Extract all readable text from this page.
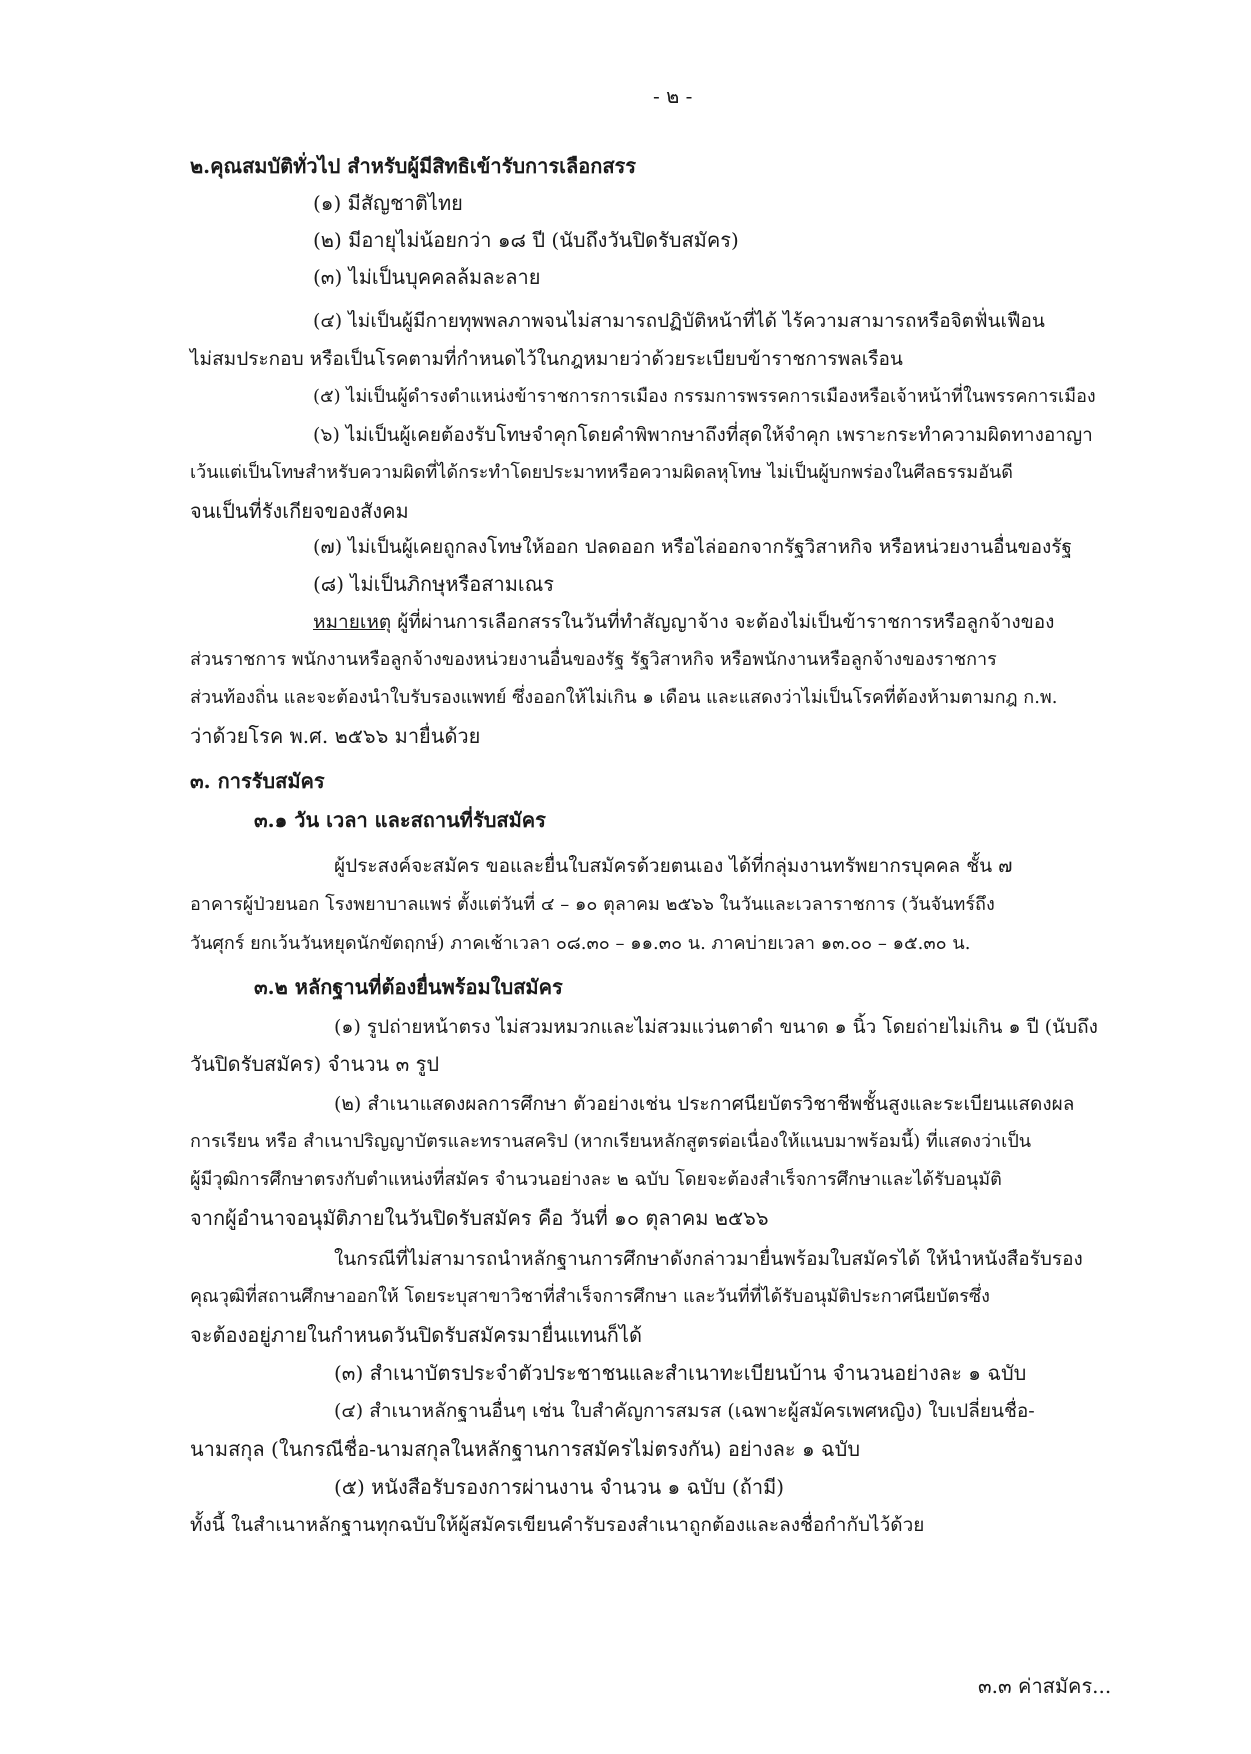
- ๒ -
๒.คุณสมบัติทั่วไป สำหรับผู้มีสิทธิเข้ารับการเลือกสรร
(๑) มีสัญชาติไทย
(๒) มีอายุไม่น้อยกว่า ๑๘ ปี (นับถึงวันปิดรับสมัคร)
(๓) ไม่เป็นบุคคลล้มละลาย
(๔) ไม่เป็นผู้มีกายทุพพลภาพจนไม่สามารถปฏิบัติหน้าที่ได้ ไร้ความสามารถหรือจิตฟั่นเฟือน
ไม่สมประกอบ หรือเป็นโรคตามที่กำหนดไว้ในกฎหมายว่าด้วยระเบียบข้าราชการพลเรือน
(๕) ไม่เป็นผู้ดำรงตำแหน่งข้าราชการการเมือง กรรมการพรรคการเมืองหรือเจ้าหน้าที่ในพรรคการเมือง
(๖) ไม่เป็นผู้เคยต้องรับโทษจำคุกโดยคำพิพากษาถึงที่สุดให้จำคุก เพราะกระทำความผิดทางอาญา
เว้นแต่เป็นโทษสำหรับความผิดที่ได้กระทำโดยประมาทหรือความผิดลหุโทษ ไม่เป็นผู้บกพร่องในศีลธรรมอันดี
จนเป็นที่รังเกียจของสังคม
(๗) ไม่เป็นผู้เคยถูกลงโทษให้ออก ปลดออก หรือไล่ออกจากรัฐวิสาหกิจ หรือหน่วยงานอื่นของรัฐ
(๘) ไม่เป็นภิกษุหรือสามเณร
หมายเหตุ ผู้ที่ผ่านการเลือกสรรในวันที่ทำสัญญาจ้าง จะต้องไม่เป็นข้าราชการหรือลูกจ้างของ
ส่วนราชการ พนักงานหรือลูกจ้างของหน่วยงานอื่นของรัฐ รัฐวิสาหกิจ หรือพนักงานหรือลูกจ้างของราชการ
ส่วนท้องถิ่น และจะต้องนำใบรับรองแพทย์ ซึ่งออกให้ไม่เกิน ๑ เดือน และแสดงว่าไม่เป็นโรคที่ต้องห้ามตามกฎ ก.พ.
ว่าด้วยโรค พ.ศ. ๒๕๖๖ มายื่นด้วย
๓. การรับสมัคร
๓.๑ วัน เวลา และสถานที่รับสมัคร
ผู้ประสงค์จะสมัคร ขอและยื่นใบสมัครด้วยตนเอง ได้ที่กลุ่มงานทรัพยากรบุคคล ชั้น ๗
อาคารผู้ป่วยนอก โรงพยาบาลแพร่ ตั้งแต่วันที่ ๔ – ๑๐ ตุลาคม ๒๕๖๖ ในวันและเวลาราชการ (วันจันทร์ถึง
วันศุกร์ ยกเว้นวันหยุดนักขัตฤกษ์) ภาคเช้าเวลา ๐๘.๓๐ – ๑๑.๓๐ น. ภาคบ่ายเวลา ๑๓.๐๐ – ๑๕.๓๐ น.
๓.๒ หลักฐานที่ต้องยื่นพร้อมใบสมัคร
(๑) รูปถ่ายหน้าตรง ไม่สวมหมวกและไม่สวมแว่นตาดำ ขนาด ๑ นิ้ว โดยถ่ายไม่เกิน ๑ ปี (นับถึง
วันปิดรับสมัคร) จำนวน ๓ รูป
(๒) สำเนาแสดงผลการศึกษา ตัวอย่างเช่น ประกาศนียบัตรวิชาชีพชั้นสูงและระเบียนแสดงผล
การเรียน หรือ สำเนาปริญญาบัตรและทรานสคริป (หากเรียนหลักสูตรต่อเนื่องให้แนบมาพร้อมนี้) ที่แสดงว่าเป็น
ผู้มีวุฒิการศึกษาตรงกับตำแหน่งที่สมัคร จำนวนอย่างละ ๒ ฉบับ โดยจะต้องสำเร็จการศึกษาและได้รับอนุมัติ
จากผู้อำนาจอนุมัติภายในวันปิดรับสมัคร คือ วันที่ ๑๐ ตุลาคม ๒๕๖๖
ในกรณีที่ไม่สามารถนำหลักฐานการศึกษาดังกล่าวมายื่นพร้อมใบสมัครได้ ให้นำหนังสือรับรอง
คุณวุฒิที่สถานศึกษาออกให้ โดยระบุสาขาวิชาที่สำเร็จการศึกษา และวันที่ที่ได้รับอนุมัติประกาศนียบัตรซึ่ง
จะต้องอยู่ภายในกำหนดวันปิดรับสมัครมายื่นแทนก็ได้
(๓) สำเนาบัตรประจำตัวประชาชนและสำเนาทะเบียนบ้าน จำนวนอย่างละ ๑ ฉบับ
(๔) สำเนาหลักฐานอื่นๆ เช่น ใบสำคัญการสมรส (เฉพาะผู้สมัครเพศหญิง) ใบเปลี่ยนชื่อ-
นามสกุล (ในกรณีชื่อ-นามสกุลในหลักฐานการสมัครไม่ตรงกัน) อย่างละ ๑ ฉบับ
(๕) หนังสือรับรองการผ่านงาน จำนวน ๑ ฉบับ (ถ้ามี)
ทั้งนี้ ในสำเนาหลักฐานทุกฉบับให้ผู้สมัครเขียนคำรับรองสำเนาถูกต้องและลงชื่อกำกับไว้ด้วย
๓.๓ ค่าสมัคร...
